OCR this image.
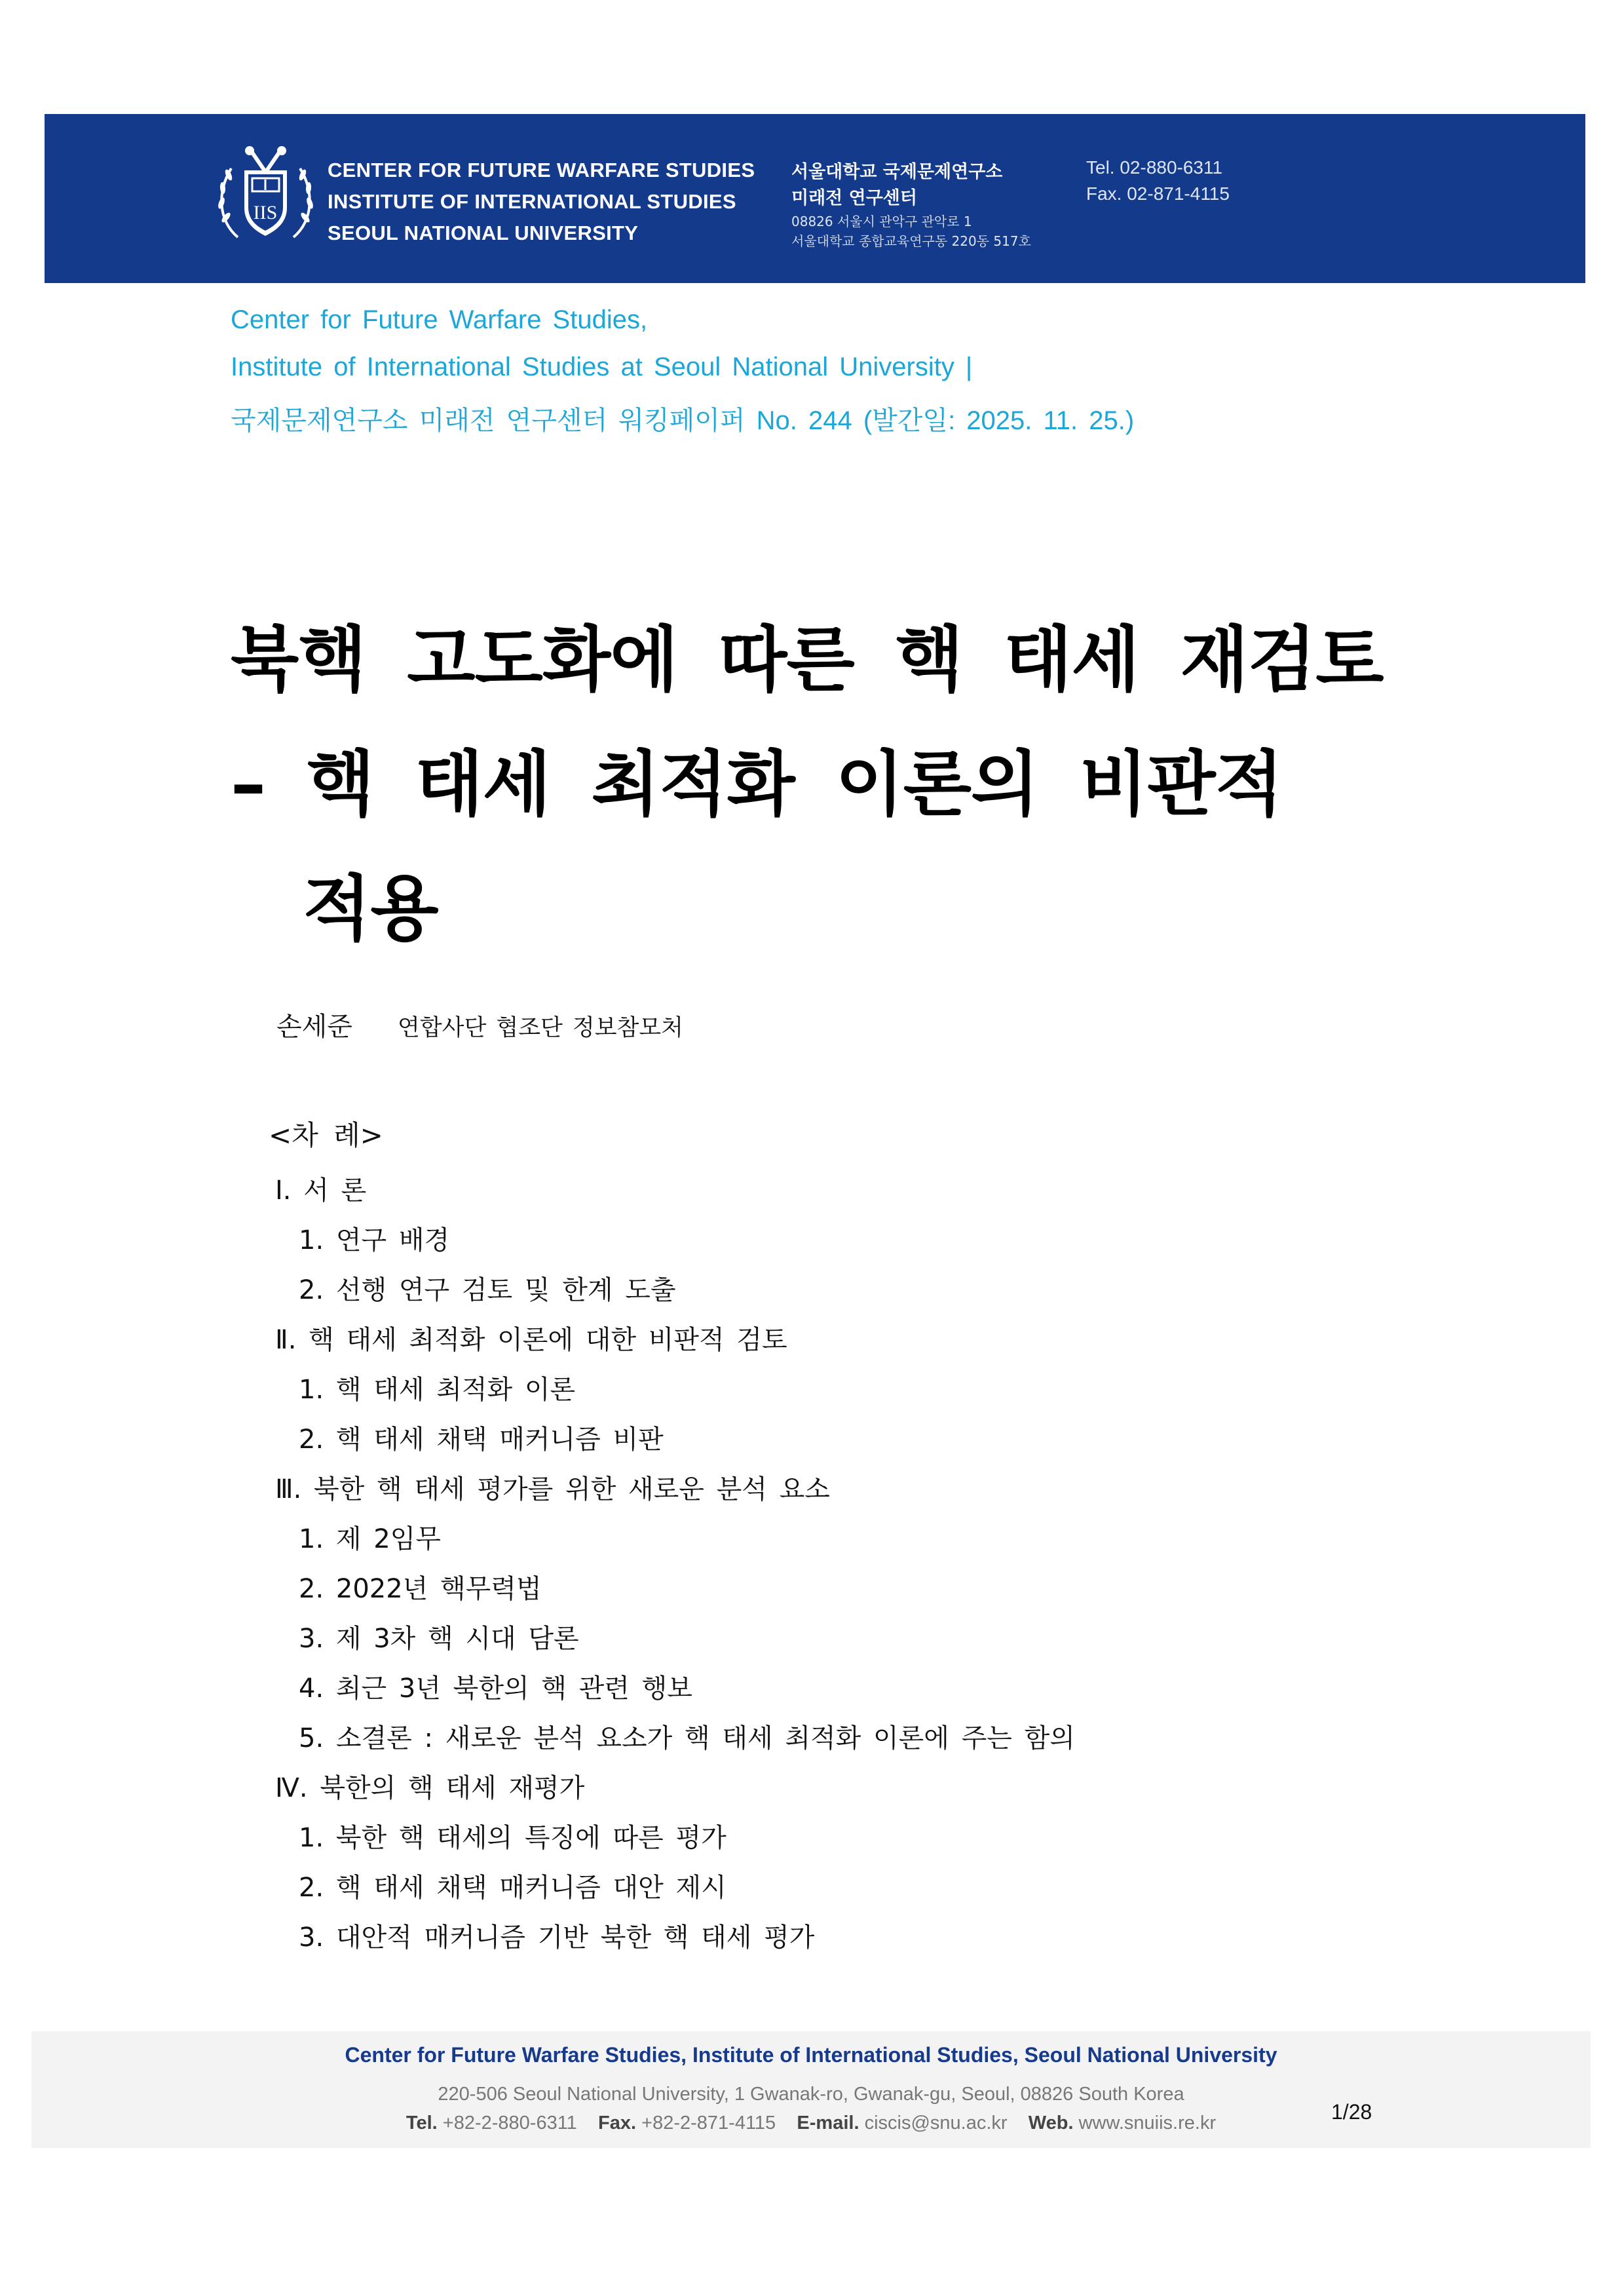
IIS
CENTER FOR FUTURE WARFARE STUDIES
INSTITUTE OF INTERNATIONAL STUDIES
SEOUL NATIONAL UNIVERSITY
서울대학교 국제문제연구소
미래전 연구센터
08826 서울시 관악구 관악로 1
서울대학교 종합교육연구동 220동 517호
Tel. 02-880-6311
Fax. 02-871-4115
Center for Future Warfare Studies,
Institute of International Studies at Seoul National University |
국제문제연구소 미래전 연구센터 워킹페이퍼 No. 244 (발간일: 2025. 11. 25.)
북핵 고도화에 따른 핵 태세 재검토
– 핵 태세 최적화 이론의 비판적
적용
손세준 연합사단 협조단 정보참모처
<차 례>
Ⅰ. 서 론
1. 연구 배경
2. 선행 연구 검토 및 한계 도출
Ⅱ. 핵 태세 최적화 이론에 대한 비판적 검토
1. 핵 태세 최적화 이론
2. 핵 태세 채택 매커니즘 비판
Ⅲ. 북한 핵 태세 평가를 위한 새로운 분석 요소
1. 제 2임무
2. 2022년 핵무력법
3. 제 3차 핵 시대 담론
4. 최근 3년 북한의 핵 관련 행보
5. 소결론 : 새로운 분석 요소가 핵 태세 최적화 이론에 주는 함의
Ⅳ. 북한의 핵 태세 재평가
1. 북한 핵 태세의 특징에 따른 평가
2. 핵 태세 채택 매커니즘 대안 제시
3. 대안적 매커니즘 기반 북한 핵 태세 평가
Center for Future Warfare Studies, Institute of International Studies, Seoul National University
220-506 Seoul National University, 1 Gwanak-ro, Gwanak-gu, Seoul, 08826 South Korea
Tel. +82-2-880-6311 Fax. +82-2-871-4115 E-mail. ciscis@snu.ac.kr Web. www.snuiis.re.kr	1/28
